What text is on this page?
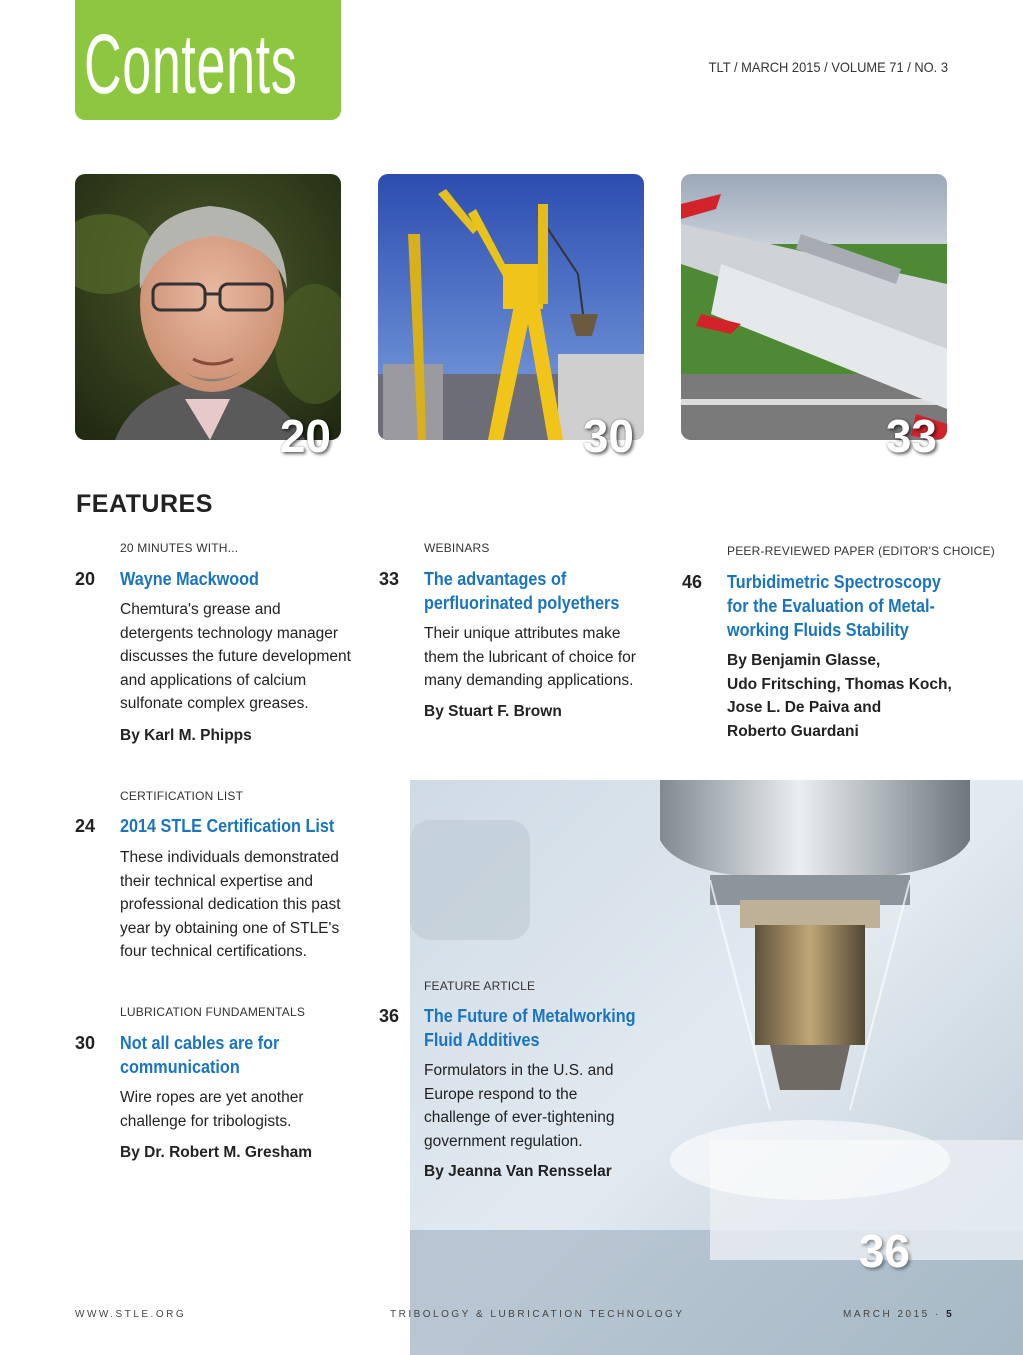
Contents	TLT / MARCH 2015 / VOLUME 71 / NO. 3
20	30	33
FEATURES
20 MINUTES WITH...
20 Wayne Mackwood
Chemtura's grease and
detergents technology manager
discusses the future development
and applications of calcium
sulfonate complex greases.
By Karl M. Phipps
WEBINARS
33 The advantages of
perfluorinated polyethers
Their unique attributes make
them the lubricant of choice for
many demanding applications.
By Stuart F. Brown
PEER-REVIEWED PAPER (EDITOR'S CHOICE)
46 Turbidimetric Spectroscopy
for the Evaluation of Metal-
working Fluids Stability
By Benjamin Glasse,
Udo Fritsching, Thomas Koch,
Jose L. De Paiva and
Roberto Guardani
36
CERTIFICATION LIST
24 2014 STLE Certification List
These individuals demonstrated
their technical expertise and
professional dedication this past
year by obtaining one of STLE's
four technical certifications.
LUBRICATION FUNDAMENTALS
30 Not all cables are for
communication
Wire ropes are yet another
challenge for tribologists.
By Dr. Robert M. Gresham
FEATURE ARTICLE
36 The Future of Metalworking
Fluid Additives
Formulators in the U.S. and
Europe respond to the
challenge of ever-tightening
government regulation.
By Jeanna Van Rensselar
WWW.STLE.ORG	TRIBOLOGY & LUBRICATION TECHNOLOGY	MARCH 2015 · 5
